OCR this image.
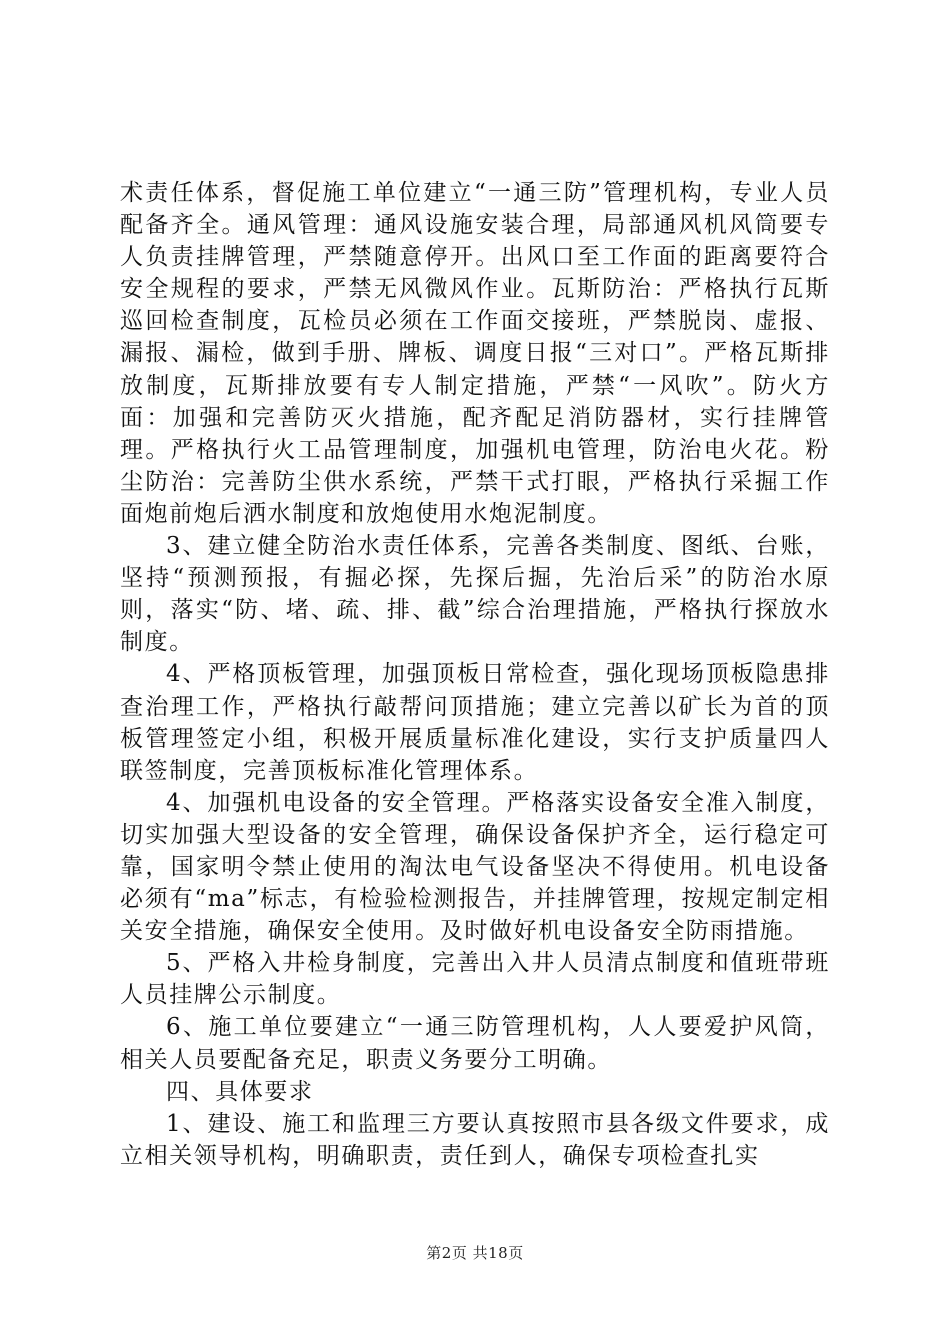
术责任体系，督促施工单位建立“一通三防”管理机构，专业人员配备齐全。通风管理：通风设施安装合理，局部通风机风筒要专人负责挂牌管理，严禁随意停开。出风口至工作面的距离要符合安全规程的要求，严禁无风微风作业。瓦斯防治：严格执行瓦斯巡回检查制度，瓦检员必须在工作面交接班，严禁脱岗、虚报、漏报、漏检，做到手册、牌板、调度日报“三对口”。严格瓦斯排放制度，瓦斯排放要有专人制定措施，严禁“一风吹”。防火方面：加强和完善防灭火措施，配齐配足消防器材，实行挂牌管理。严格执行火工品管理制度，加强机电管理，防治电火花。粉尘防治：完善防尘供水系统，严禁干式打眼，严格执行采掘工作面炮前炮后洒水制度和放炮使用水炮泥制度。

3、建立健全防治水责任体系，完善各类制度、图纸、台账，坚持“预测预报，有掘必探，先探后掘，先治后采”的防治水原则，落实“防、堵、疏、排、截”综合治理措施，严格执行探放水制度。

4、严格顶板管理，加强顶板日常检查，强化现场顶板隐患排查治理工作，严格执行敲帮问顶措施；建立完善以矿长为首的顶板管理签定小组，积极开展质量标准化建设，实行支护质量四人联签制度，完善顶板标准化管理体系。

4、加强机电设备的安全管理。严格落实设备安全准入制度，切实加强大型设备的安全管理，确保设备保护齐全，运行稳定可靠，国家明令禁止使用的淘汰电气设备坚决不得使用。机电设备必须有“ma”标志，有检验检测报告，并挂牌管理，按规定制定相关安全措施，确保安全使用。及时做好机电设备安全防雨措施。

5、严格入井检身制度，完善出入井人员清点制度和值班带班人员挂牌公示制度。

6、施工单位要建立“一通三防管理机构，人人要爱护风筒，相关人员要配备充足，职责义务要分工明确。

四、具体要求

1、建设、施工和监理三方要认真按照市县各级文件要求，成立相关领导机构，明确职责，责任到人，确保专项检查扎实

第2页 共18页
